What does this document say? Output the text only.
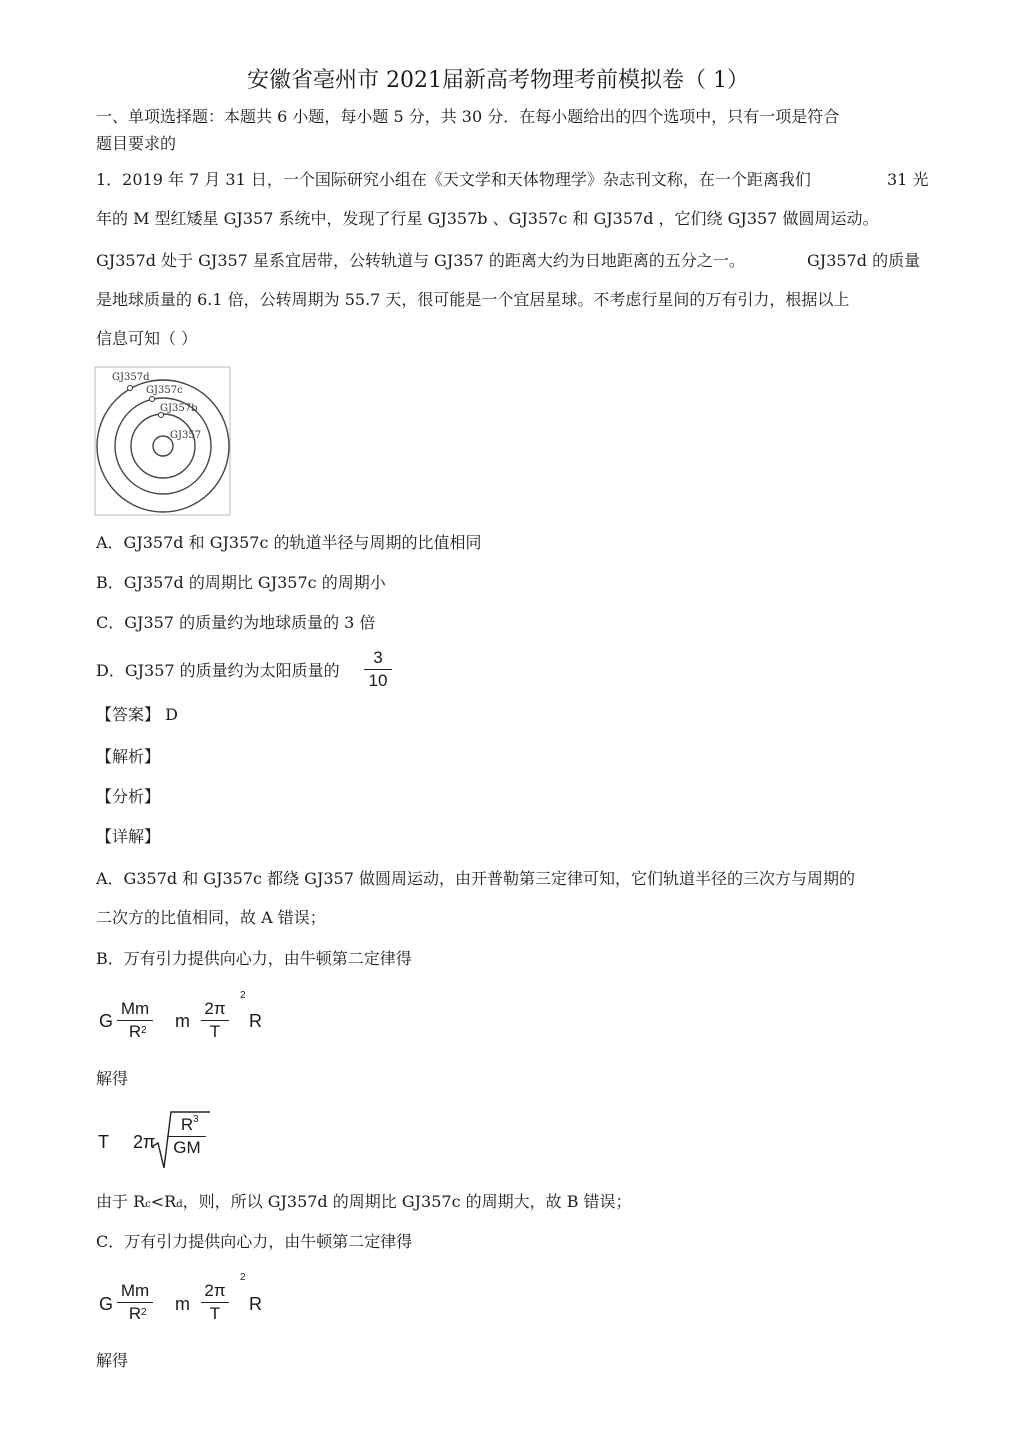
安徽省亳州市 2021届新高考物理考前模拟卷（ 1）
一、单项选择题：本题共 6 小题，每小题 5 分，共 30 分．在每小题给出的四个选项中，只有一项是符合
题目要求的
1．2019 年 7 月 31 日，一个国际研究小组在《天文学和天体物理学》杂志刊文称，在一个距离我们	31 光
年的 M 型红矮星 GJ357 系统中，发现了行星 GJ357b 、GJ357c 和 GJ357d ，它们绕 GJ357 做圆周运动。
GJ357d 处于 GJ357 星系宜居带，公转轨道与 GJ357 的距离大约为日地距离的五分之一。	GJ357d 的质量
是地球质量的 6.1 倍，公转周期为 55.7 天，很可能是一个宜居星球。不考虑行星间的万有引力，根据以上
信息可知（ ）
GJ357d
GJ357c
GJ357b
GJ357
A．GJ357d 和 GJ357c 的轨道半径与周期的比值相同
B．GJ357d 的周期比 GJ357c 的周期小
C．GJ357 的质量约为地球质量的 3 倍
D．GJ357 的质量约为太阳质量的 $\frac{3}{10}$
【答案】 D
【解析】
【分析】
【详解】
A．G357d 和 GJ357c 都绕 GJ357 做圆周运动，由开普勒第三定律可知，它们轨道半径的三次方与周期的
二次方的比值相同，故 A 错误；
B．万有引力提供向心力，由牛顿第二定律得
G $\frac{Mm}{R}$
2 m $\frac{2\pi}{T}$
2
R
解得
T $2\pi \frac{R}{GM}$
3
由于 Rc<Rd，则，所以 GJ357d 的周期比 GJ357c 的周期大，故 B 错误；
C．万有引力提供向心力，由牛顿第二定律得
G $\frac{Mm}{R}$
2 m $\frac{2\pi}{T}$
2
R
解得
